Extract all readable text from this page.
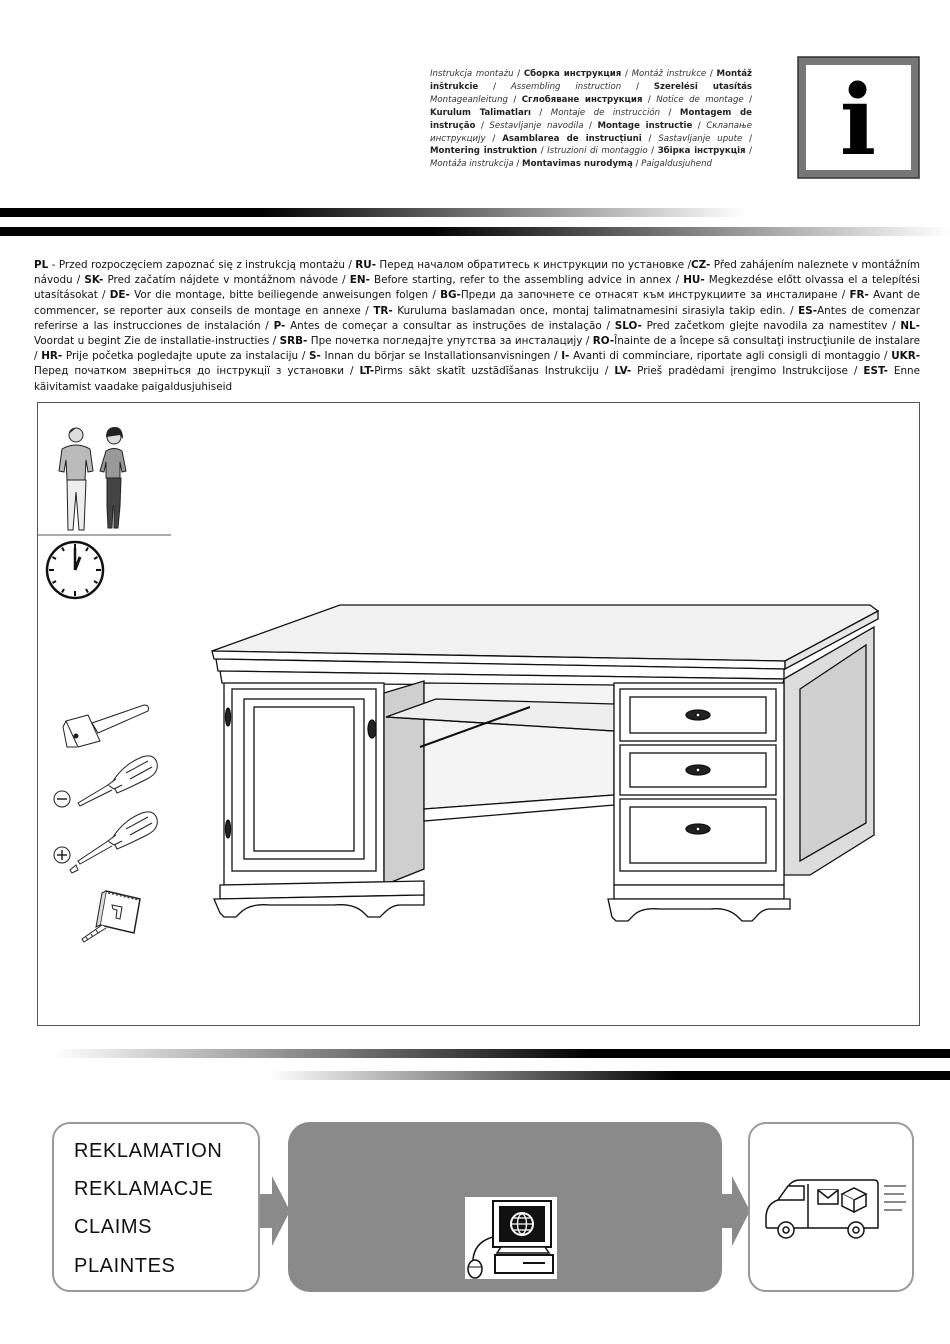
Instrukcja montażu / Сборка инструкция / Montáž instrukce / Montáž inštrukcie / Assembling instruction / Szerelési utasítás Montageanleitung / Сглобяване инструкция / Notice de montage / Kurulum Talimatları / Montaje de instrucción / Montagem de instrução / Sestavljanje navodila / Montage instructie / Склапање инструкцију / Asamblarea de instrucțiuni / Sastavljanje upute / Montering instruktion / Istruzioni di montaggio / Збірка інструкція / Montáža instrukcija / Montavimas nurodymą / Paigaldusjuhend	i
PL - Przed rozpoczęciem zapoznać się z instrukcją montażu / RU- Перед началом обратитесь к инструкции по установке /CZ- Před zahájením naleznete v montážním návodu / SK- Pred začatím nájdete v montážnom návode / EN- Before starting, refer to the assembling advice in annex / HU- Megkezdése előtt olvassa el a telepítési utasításokat / DE- Vor die montage, bitte beiliegende anweisungen folgen / BG-Преди да започнете се отнасят към инструкциите за инсталиране / FR- Avant de commencer, se reporter aux conseils de montage en annexe / TR- Kuruluma baslamadan once, montaj talimatnamesini sirasiyla takip edin. / ES-Antes de comenzar referirse a las instrucciones de instalación / P- Antes de começar a consultar as instruções de instalação / SLO- Pred začetkom glejte navodila za namestitev / NL- Voordat u begint Zie de installatie-instructies / SRB- Пре почетка погледајте упутства за инсталацију / RO-Înainte de a începe să consultaţi instrucţiunile de instalare / HR- Prije početka pogledajte upute za instalaciju / S- Innan du börjar se Installationsanvisningen / I- Avanti di comminciare, riportate agli consigli di montaggio / UKR- Перед початком зверніться до інструкції з установки / LT-Pirms sākt skatīt uzstādīšanas Instrukciju / LV- Prieš pradėdami įrengimo Instrukcijose / EST- Enne käivitamist vaadake paigaldusjuhiseid
REKLAMATION
REKLAMACJE
CLAIMS
PLAINTES
